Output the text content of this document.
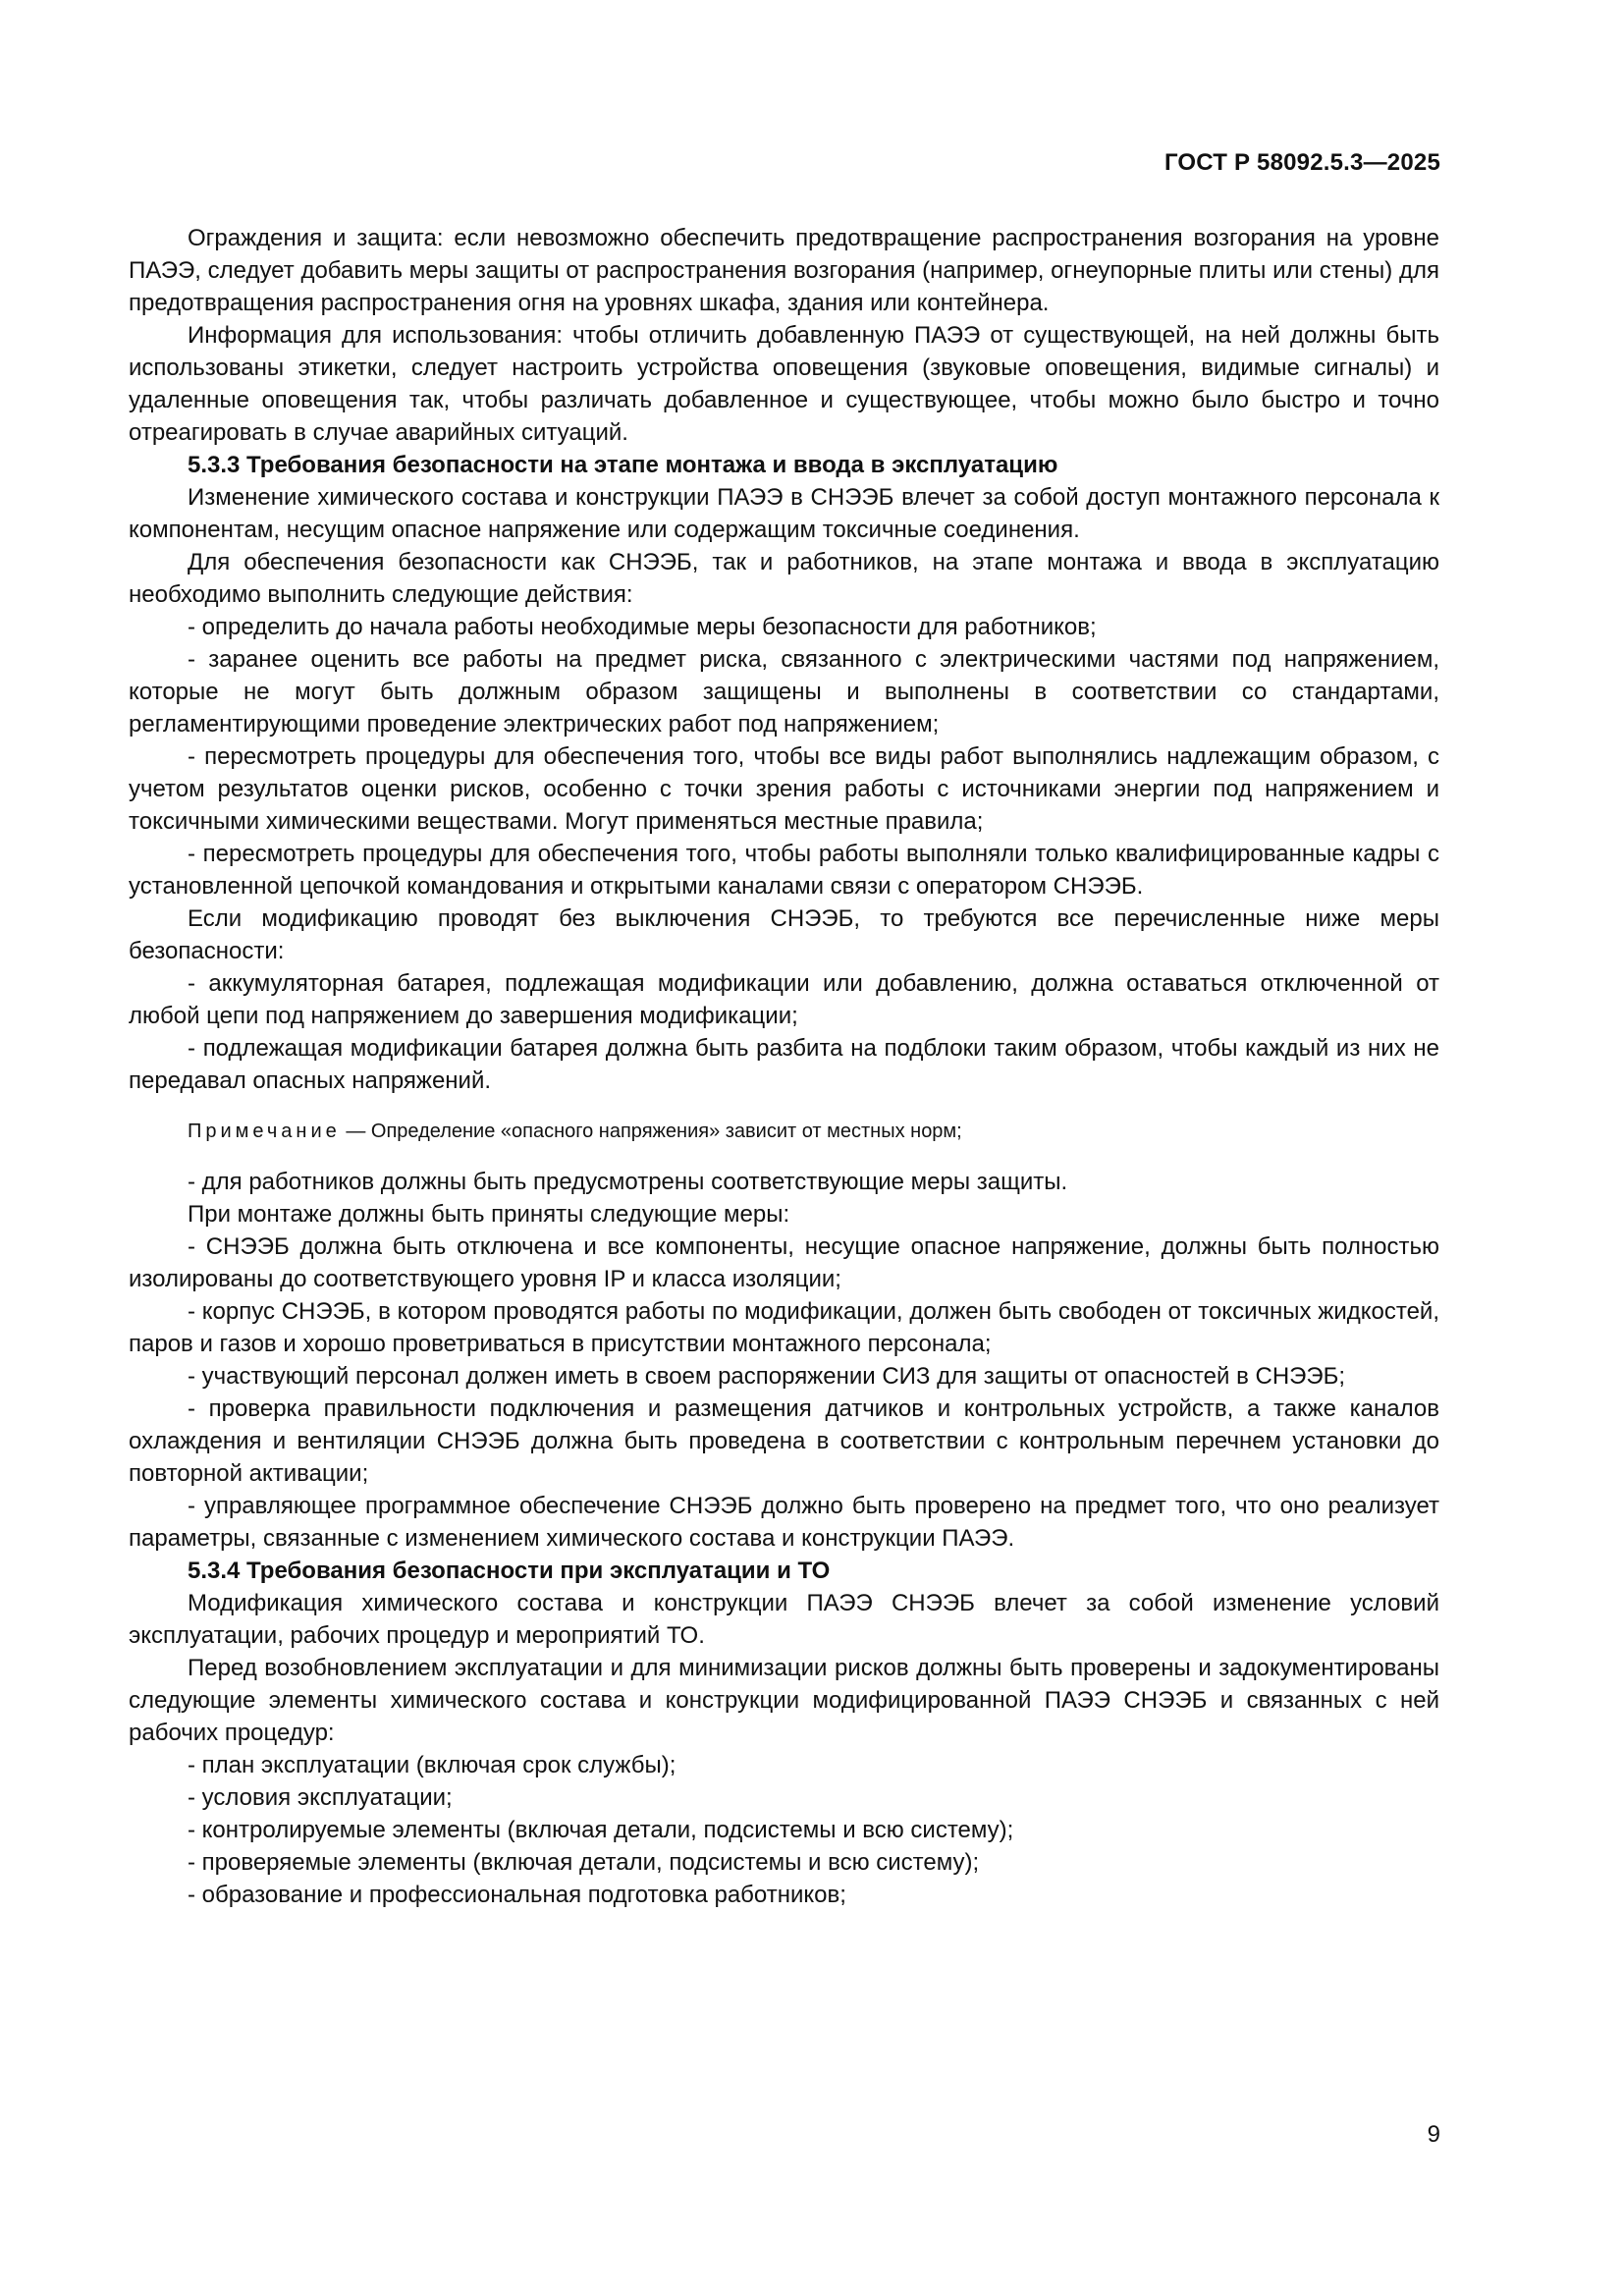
ГОСТ Р 58092.5.3—2025

Ограждения и защита: если невозможно обеспечить предотвращение распространения возгорания на уровне ПАЭЭ, следует добавить меры защиты от распространения возгорания (например, огнеупорные плиты или стены) для предотвращения распространения огня на уровнях шкафа, здания или контейнера.

Информация для использования: чтобы отличить добавленную ПАЭЭ от существующей, на ней должны быть использованы этикетки, следует настроить устройства оповещения (звуковые оповещения, видимые сигналы) и удаленные оповещения так, чтобы различать добавленное и существующее, чтобы можно было быстро и точно отреагировать в случае аварийных ситуаций.

5.3.3 Требования безопасности на этапе монтажа и ввода в эксплуатацию

Изменение химического состава и конструкции ПАЭЭ в СНЭЭБ влечет за собой доступ монтажного персонала к компонентам, несущим опасное напряжение или содержащим токсичные соединения.

Для обеспечения безопасности как СНЭЭБ, так и работников, на этапе монтажа и ввода в эксплуатацию необходимо выполнить следующие действия:

- определить до начала работы необходимые меры безопасности для работников;

- заранее оценить все работы на предмет риска, связанного с электрическими частями под напряжением, которые не могут быть должным образом защищены и выполнены в соответствии со стандартами, регламентирующими проведение электрических работ под напряжением;

- пересмотреть процедуры для обеспечения того, чтобы все виды работ выполнялись надлежащим образом, с учетом результатов оценки рисков, особенно с точки зрения работы с источниками энергии под напряжением и токсичными химическими веществами. Могут применяться местные правила;

- пересмотреть процедуры для обеспечения того, чтобы работы выполняли только квалифицированные кадры с установленной цепочкой командования и открытыми каналами связи с оператором СНЭЭБ.

Если модификацию проводят без выключения СНЭЭБ, то требуются все перечисленные ниже меры безопасности:

- аккумуляторная батарея, подлежащая модификации или добавлению, должна оставаться отключенной от любой цепи под напряжением до завершения модификации;

- подлежащая модификации батарея должна быть разбита на подблоки таким образом, чтобы каждый из них не передавал опасных напряжений.

Примечание — Определение «опасного напряжения» зависит от местных норм;

- для работников должны быть предусмотрены соответствующие меры защиты.

При монтаже должны быть приняты следующие меры:

- СНЭЭБ должна быть отключена и все компоненты, несущие опасное напряжение, должны быть полностью изолированы до соответствующего уровня IP и класса изоляции;

- корпус СНЭЭБ, в котором проводятся работы по модификации, должен быть свободен от токсичных жидкостей, паров и газов и хорошо проветриваться в присутствии монтажного персонала;

- участвующий персонал должен иметь в своем распоряжении СИЗ для защиты от опасностей в СНЭЭБ;

- проверка правильности подключения и размещения датчиков и контрольных устройств, а также каналов охлаждения и вентиляции СНЭЭБ должна быть проведена в соответствии с контрольным перечнем установки до повторной активации;

- управляющее программное обеспечение СНЭЭБ должно быть проверено на предмет того, что оно реализует параметры, связанные с изменением химического состава и конструкции ПАЭЭ.

5.3.4 Требования безопасности при эксплуатации и ТО

Модификация химического состава и конструкции ПАЭЭ СНЭЭБ влечет за собой изменение условий эксплуатации, рабочих процедур и мероприятий ТО.

Перед возобновлением эксплуатации и для минимизации рисков должны быть проверены и задокументированы следующие элементы химического состава и конструкции модифицированной ПАЭЭ СНЭЭБ и связанных с ней рабочих процедур:

- план эксплуатации (включая срок службы);

- условия эксплуатации;

- контролируемые элементы (включая детали, подсистемы и всю систему);

- проверяемые элементы (включая детали, подсистемы и всю систему);

- образование и профессиональная подготовка работников;

9
